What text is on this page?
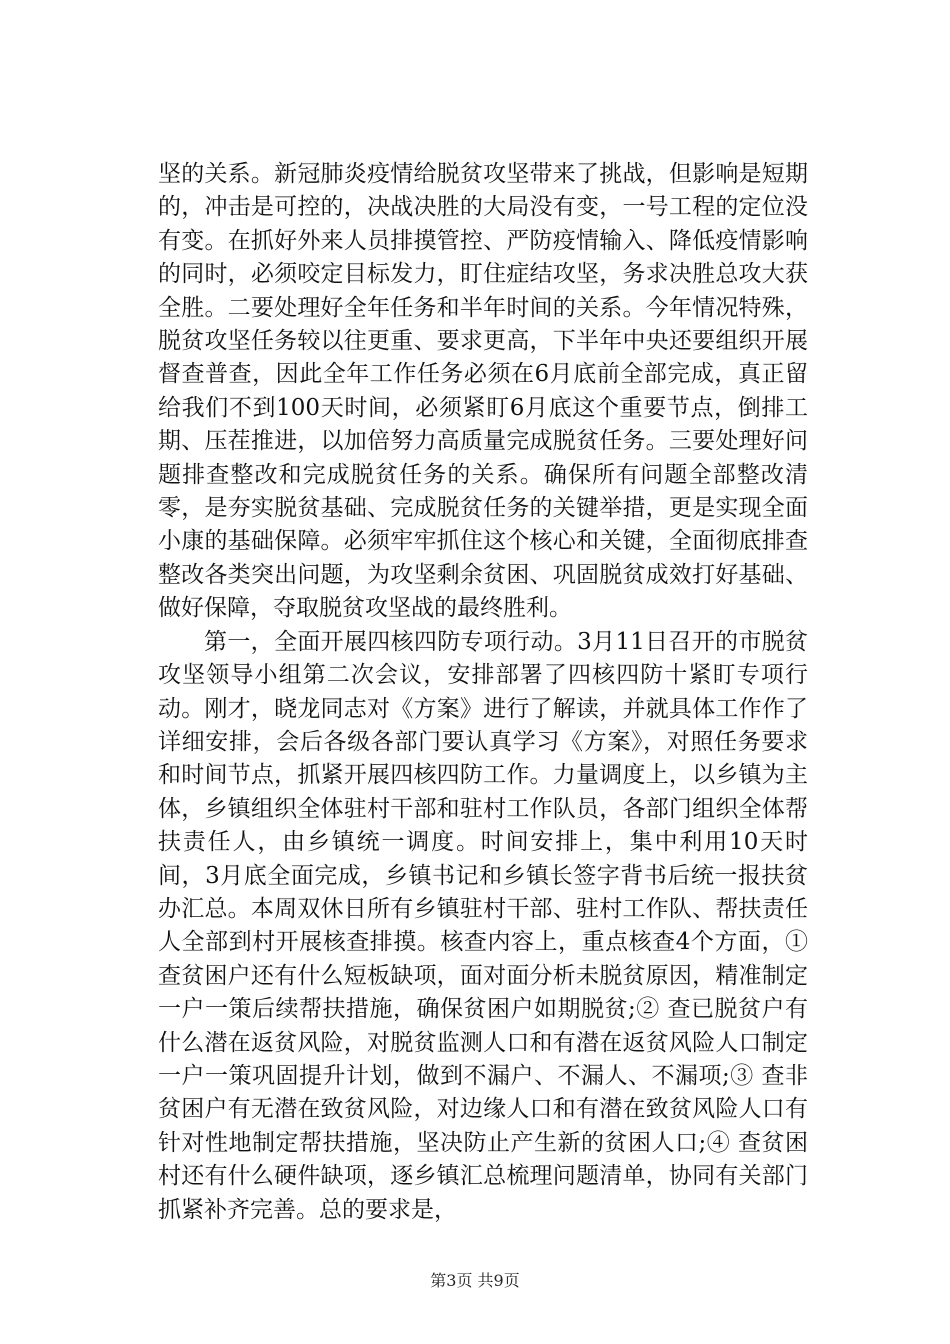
坚的关系。新冠肺炎疫情给脱贫攻坚带来了挑战，但影响是短期的，冲击是可控的，决战决胜的大局没有变，一号工程的定位没有变。在抓好外来人员排摸管控、严防疫情输入、降低疫情影响的同时，必须咬定目标发力，盯住症结攻坚，务求决胜总攻大获全胜。二要处理好全年任务和半年时间的关系。今年情况特殊，脱贫攻坚任务较以往更重、要求更高，下半年中央还要组织开展督查普查，因此全年工作任务必须在6月底前全部完成，真正留给我们不到100天时间，必须紧盯6月底这个重要节点，倒排工期、压茬推进，以加倍努力高质量完成脱贫任务。三要处理好问题排查整改和完成脱贫任务的关系。确保所有问题全部整改清零，是夯实脱贫基础、完成脱贫任务的关键举措，更是实现全面小康的基础保障。必须牢牢抓住这个核心和关键，全面彻底排查整改各类突出问题，为攻坚剩余贫困、巩固脱贫成效打好基础、做好保障，夺取脱贫攻坚战的最终胜利。

第一，全面开展四核四防专项行动。3月11日召开的市脱贫攻坚领导小组第二次会议，安排部署了四核四防十紧盯专项行动。刚才，晓龙同志对《方案》进行了解读，并就具体工作作了详细安排，会后各级各部门要认真学习《方案》，对照任务要求和时间节点，抓紧开展四核四防工作。力量调度上，以乡镇为主体，乡镇组织全体驻村干部和驻村工作队员，各部门组织全体帮扶责任人，由乡镇统一调度。时间安排上，集中利用10天时间，3月底全面完成，乡镇书记和乡镇长签字背书后统一报扶贫办汇总。本周双休日所有乡镇驻村干部、驻村工作队、帮扶责任人全部到村开展核查排摸。核查内容上，重点核查4个方面，①查贫困户还有什么短板缺项，面对面分析未脱贫原因，精准制定一户一策后续帮扶措施，确保贫困户如期脱贫;② 查已脱贫户有什么潜在返贫风险，对脱贫监测人口和有潜在返贫风险人口制定一户一策巩固提升计划，做到不漏户、不漏人、不漏项;③ 查非贫困户有无潜在致贫风险，对边缘人口和有潜在致贫风险人口有针对性地制定帮扶措施，坚决防止产生新的贫困人口;④ 查贫困村还有什么硬件缺项，逐乡镇汇总梳理问题清单，协同有关部门抓紧补齐完善。总的要求是，

第3页 共9页
